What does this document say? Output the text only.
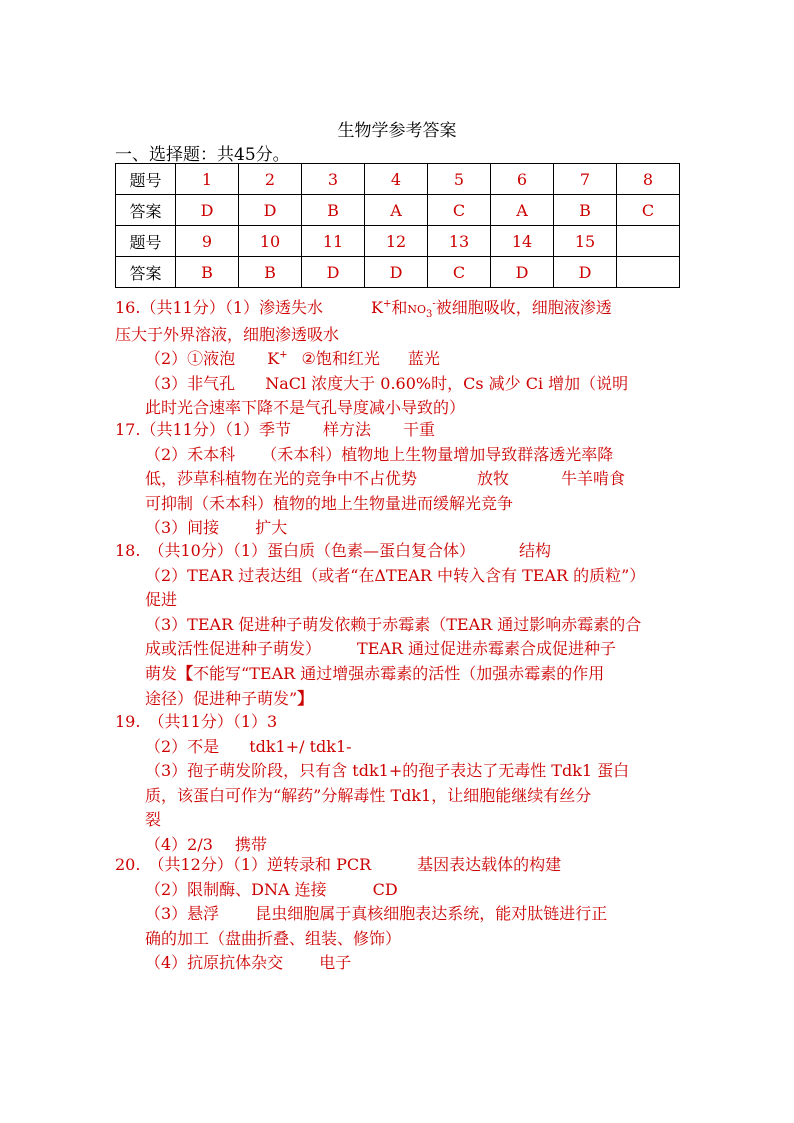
生物学参考答案
一、选择题：共45分。
题号	1	2	3	4	5	6	7	8
答案	D	D	B	A	C	A	B	C
题号	9	10	11	12	13	14	15	
答案	B	B	D	D	C	D	D	
16.（共11分）（1）渗透失水	K+和$NO_3^-$被细胞吸收，细胞液渗透
压大于外界溶液，细胞渗透吸水
（2）①液泡 K+ ②饱和红光 蓝光
（3）非气孔 NaCl 浓度大于 0.60%时，Cs 减少 Ci 增加（说明
此时光合速率下降不是气孔导度减小导致的）
17.（共11分）（1）季节 样方法 干重
（2）禾本科 （禾本科）植物地上生物量增加导致群落透光率降
低，莎草科植物在光的竞争中不占优势	放牧	牛羊啃食
可抑制（禾本科）植物的地上生物量进而缓解光竞争
（3）间接 扩大
18. （共10分）（1）蛋白质（色素—蛋白复合体）	结构
（2）TEAR 过表达组（或者“在ΔTEAR 中转入含有 TEAR 的质粒”）
促进
（3）TEAR 促进种子萌发依赖于赤霉素（TEAR 通过影响赤霉素的合
成或活性促进种子萌发） TEAR 通过促进赤霉素合成促进种子
萌发【不能写“TEAR 通过增强赤霉素的活性（加强赤霉素的作用
途径）促进种子萌发”】
19. （共11分）（1）3
（2）不是 tdk1+/ tdk1-
（3）孢子萌发阶段，只有含 tdk1+的孢子表达了无毒性 Tdk1 蛋白
质，该蛋白可作为“解药”分解毒性 Tdk1，让细胞能继续有丝分
裂
（4）2/3 携带
20. （共12分）（1）逆转录和 PCR	基因表达载体的构建
（2）限制酶、DNA 连接	CD
（3）悬浮 昆虫细胞属于真核细胞表达系统，能对肽链进行正
确的加工（盘曲折叠、组装、修饰）
（4）抗原抗体杂交 电子
